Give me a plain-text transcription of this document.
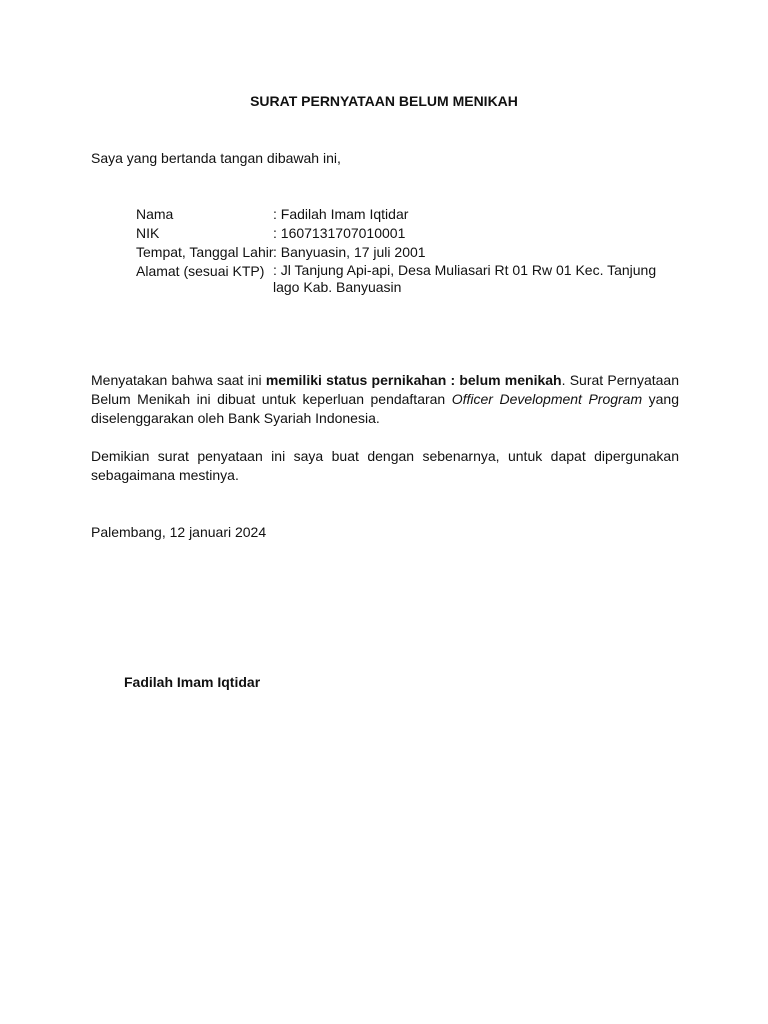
SURAT PERNYATAAN BELUM MENIKAH
Saya yang bertanda tangan dibawah ini,
Nama	: Fadilah Imam Iqtidar
NIK	: 1607131707010001
Tempat, Tanggal Lahir : Banyuasin, 17 juli 2001
Alamat (sesuai KTP) : Jl Tanjung Api-api, Desa Muliasari Rt 01 Rw 01 Kec. Tanjung lago Kab. Banyuasin
Menyatakan bahwa saat ini memiliki status pernikahan : belum menikah. Surat Pernyataan Belum Menikah ini dibuat untuk keperluan pendaftaran Officer Development Program yang diselenggarakan oleh Bank Syariah Indonesia.
Demikian surat penyataan ini saya buat dengan sebenarnya, untuk dapat dipergunakan sebagaimana mestinya.
Palembang, 12 januari 2024
Fadilah Imam Iqtidar
